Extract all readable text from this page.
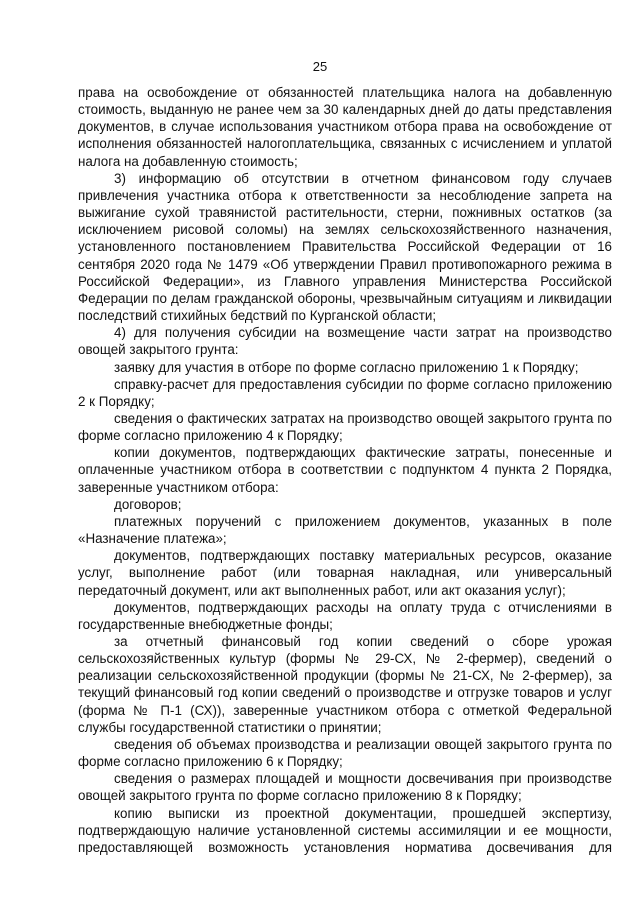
25

права на освобождение от обязанностей плательщика налога на добавленную стоимость, выданную не ранее чем за 30 календарных дней до даты представления документов, в случае использования участником отбора права на освобождение от исполнения обязанностей налогоплательщика, связанных с исчислением и уплатой налога на добавленную стоимость;

3) информацию об отсутствии в отчетном финансовом году случаев привлечения участника отбора к ответственности за несоблюдение запрета на выжигание сухой травянистой растительности, стерни, пожнивных остатков (за исключением рисовой соломы) на землях сельскохозяйственного назначения, установленного постановлением Правительства Российской Федерации от 16 сентября 2020 года № 1479 «Об утверждении Правил противопожарного режима в Российской Федерации», из Главного управления Министерства Российской Федерации по делам гражданской обороны, чрезвычайным ситуациям и ликвидации последствий стихийных бедствий по Курганской области;

4) для получения субсидии на возмещение части затрат на производство овощей закрытого грунта:

заявку для участия в отборе по форме согласно приложению 1 к Порядку;

справку-расчет для предоставления субсидии по форме согласно приложению 2 к Порядку;

сведения о фактических затратах на производство овощей закрытого грунта по форме согласно приложению 4 к Порядку;

копии документов, подтверждающих фактические затраты, понесенные и оплаченные участником отбора в соответствии с подпунктом 4 пункта 2 Порядка, заверенные участником отбора:

договоров;

платежных поручений с приложением документов, указанных в поле «Назначение платежа»;

документов, подтверждающих поставку материальных ресурсов, оказание услуг, выполнение работ (или товарная накладная, или универсальный передаточный документ, или акт выполненных работ, или акт оказания услуг);

документов, подтверждающих расходы на оплату труда с отчислениями в государственные внебюджетные фонды;

за отчетный финансовый год копии сведений о сборе урожая сельскохозяйственных культур (формы № 29-СХ, № 2-фермер), сведений о реализации сельскохозяйственной продукции (формы № 21-СХ, № 2-фермер), за текущий финансовый год копии сведений о производстве и отгрузке товаров и услуг (форма № П-1 (СХ)), заверенные участником отбора с отметкой Федеральной службы государственной статистики о принятии;

сведения об объемах производства и реализации овощей закрытого грунта по форме согласно приложению 6 к Порядку;

сведения о размерах площадей и мощности досвечивания при производстве овощей закрытого грунта по форме согласно приложению 8 к Порядку;

копию выписки из проектной документации, прошедшей экспертизу, подтверждающую наличие установленной системы ассимиляции и ее мощности, предоставляющей возможность установления норматива досвечивания для
